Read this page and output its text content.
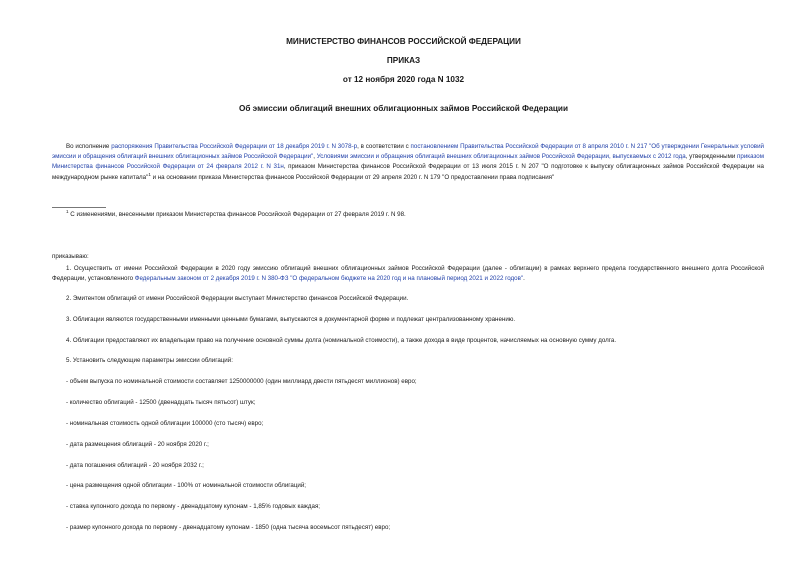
МИНИСТЕРСТВО ФИНАНСОВ РОССИЙСКОЙ ФЕДЕРАЦИИ
ПРИКАЗ
от 12 ноября 2020 года N 1032
Об эмиссии облигаций внешних облигационных займов Российской Федерации
Во исполнение распоряжения Правительства Российской Федерации от 18 декабря 2019 г. N 3078-р, в соответствии с постановлением Правительства Российской Федерации от 8 апреля 2010 г. N 217 "Об утверждении Генеральных условий эмиссии и обращения облигаций внешних облигационных займов Российской Федерации", Условиями эмиссии и обращения облигаций внешних облигационных займов Российской Федерации, выпускаемых с 2012 года, утвержденными приказом Министерства финансов Российской Федерации от 24 февраля 2012 г. N 31н, приказом Министерства финансов Российской Федерации от 13 июля 2015 г. N 207 "О подготовке к выпуску облигационных займов Российской Федерации на международном рынке капитала"$^1$ и на основании приказа Министерства финансов Российской Федерации от 29 апреля 2020 г. N 179 "О предоставлении права подписания"
$^1$ С изменениями, внесенными приказом Министерства финансов Российской Федерации от 27 февраля 2019 г. N 98.
приказываю:
1. Осуществить от имени Российской Федерации в 2020 году эмиссию облигаций внешних облигационных займов Российской Федерации (далее - облигации) в рамках верхнего предела государственного внешнего долга Российской Федерации, установленного Федеральным законом от 2 декабря 2019 г. N 380-ФЗ "О федеральном бюджете на 2020 год и на плановый период 2021 и 2022 годов".
2. Эмитентом облигаций от имени Российской Федерации выступает Министерство финансов Российской Федерации.
3. Облигации являются государственными именными ценными бумагами, выпускаются в документарной форме и подлежат централизованному хранению.
4. Облигации предоставляют их владельцам право на получение основной суммы долга (номинальной стоимости), а также дохода в виде процентов, начисляемых на основную сумму долга.
5. Установить следующие параметры эмиссии облигаций:
- объем выпуска по номинальной стоимости составляет 1250000000 (один миллиард двести пятьдесят миллионов) евро;
- количество облигаций - 12500 (двенадцать тысяч пятьсот) штук;
- номинальная стоимость одной облигации 100000 (сто тысяч) евро;
- дата размещения облигаций - 20 ноября 2020 г.;
- дата погашения облигаций - 20 ноября 2032 г.;
- цена размещения одной облигации - 100% от номинальной стоимости облигаций;
- ставка купонного дохода по первому - двенадцатому купонам - 1,85% годовых каждая;
- размер купонного дохода по первому - двенадцатому купонам - 1850 (одна тысяча восемьсот пятьдесят) евро;
